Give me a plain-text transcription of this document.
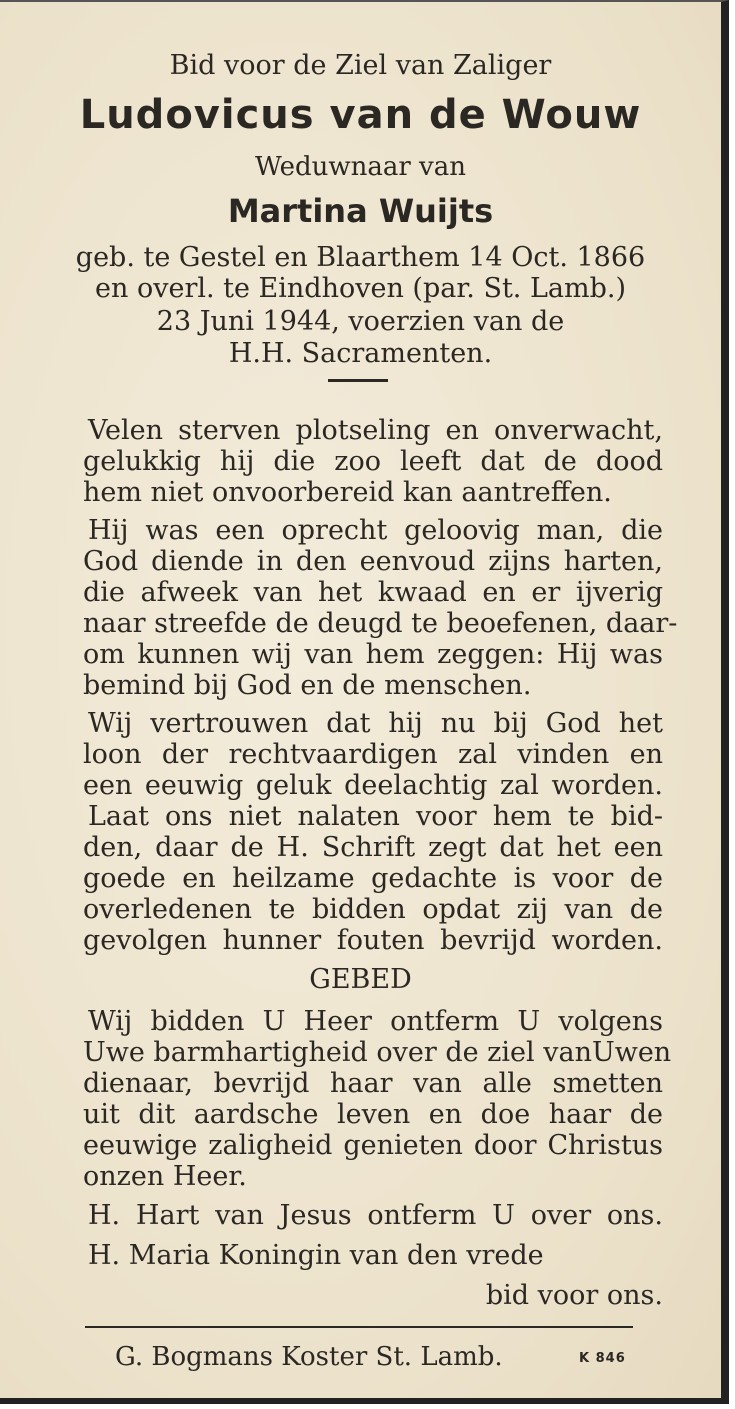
Bid voor de Ziel van Zaliger
Ludovicus van de Wouw
Weduwnaar van
Martina Wuijts
geb. te Gestel en Blaarthem 14 Oct. 1866
en overl. te Eindhoven (par. St. Lamb.)
23 Juni 1944, voerzien van de
H.H. Sacramenten.
Velen sterven plotseling en onverwacht,
gelukkig hij die zoo leeft dat de dood
hem niet onvoorbereid kan aantreffen.
Hij was een oprecht geloovig man, die
God diende in den eenvoud zijns harten,
die afweek van het kwaad en er ijverig
naar streefde de deugd te beoefenen, daar-
om kunnen wij van hem zeggen: Hij was
bemind bij God en de menschen.
Wij vertrouwen dat hij nu bij God het
loon der rechtvaardigen zal vinden en
een eeuwig geluk deelachtig zal worden.
Laat ons niet nalaten voor hem te bid-
den, daar de H. Schrift zegt dat het een
goede en heilzame gedachte is voor de
overledenen te bidden opdat zij van de
gevolgen hunner fouten bevrijd worden.
GEBED
Wij bidden U Heer ontferm U volgens
Uwe barmhartigheid over de ziel vanUwen
dienaar, bevrijd haar van alle smetten
uit dit aardsche leven en doe haar de
eeuwige zaligheid genieten door Christus
onzen Heer.
H. Hart van Jesus ontferm U over ons.
H. Maria Koningin van den vrede
bid voor ons.
G. Bogmans Koster St. Lamb.	K 846
